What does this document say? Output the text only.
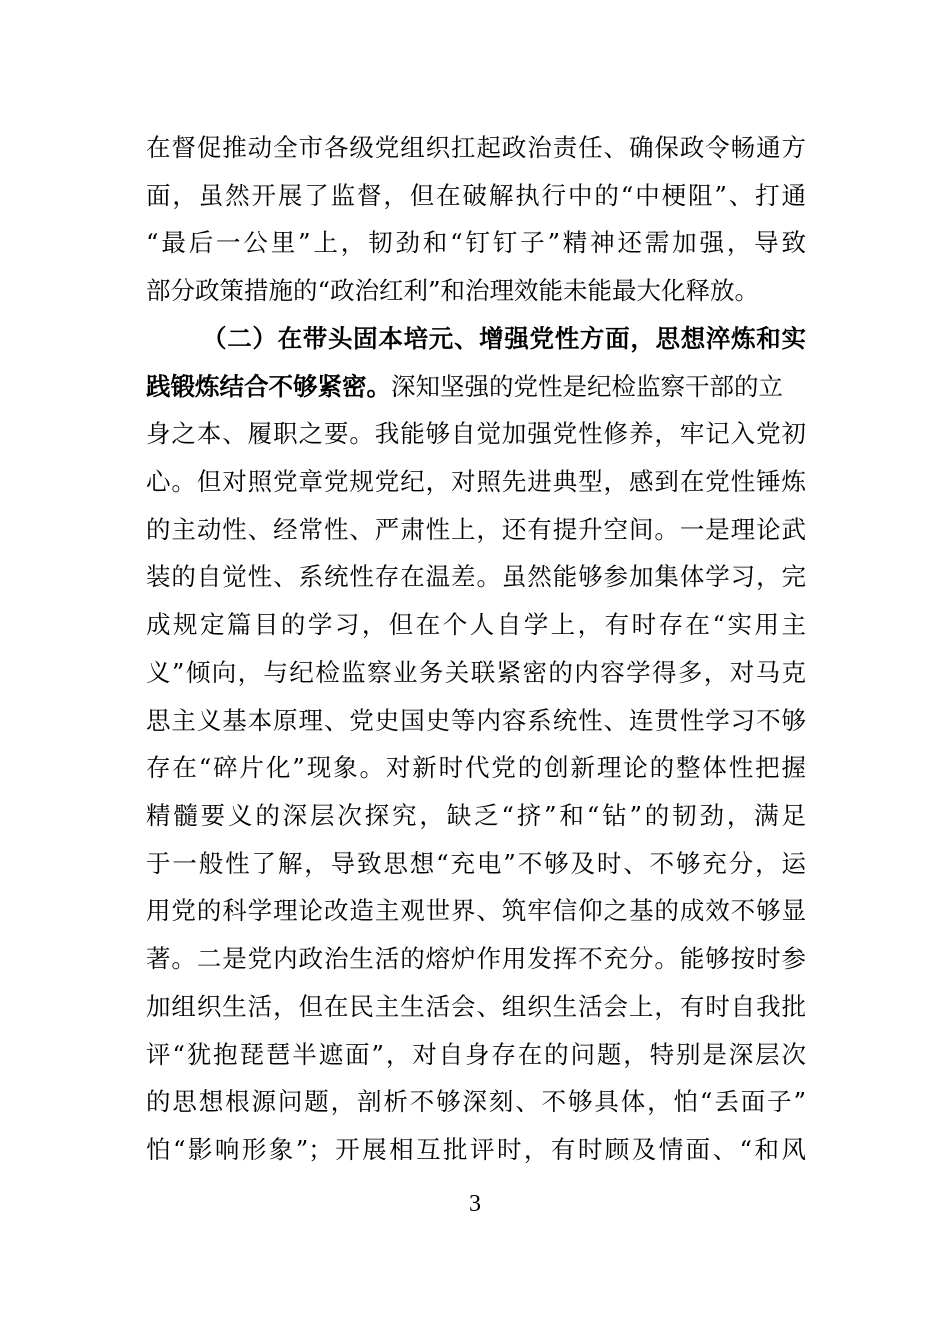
在督促推动全市各级党组织扛起政治责任、确保政令畅通方
面，虽然开展了监督，但在破解执行中的“中梗阻”、打通
“最后一公里”上，韧劲和“钉钉子”精神还需加强，导致
部分政策措施的“政治红利”和治理效能未能最大化释放。
（二）在带头固本培元、增强党性方面，思想淬炼和实
践锻炼结合不够紧密。深知坚强的党性是纪检监察干部的立
身之本、履职之要。我能够自觉加强党性修养，牢记入党初
心。但对照党章党规党纪，对照先进典型，感到在党性锤炼
的主动性、经常性、严肃性上，还有提升空间。一是理论武
装的自觉性、系统性存在温差。虽然能够参加集体学习，完
成规定篇目的学习，但在个人自学上，有时存在“实用主
义”倾向，与纪检监察业务关联紧密的内容学得多，对马克
思主义基本原理、党史国史等内容系统性、连贯性学习不够
存在“碎片化”现象。对新时代党的创新理论的整体性把握
精髓要义的深层次探究，缺乏“挤”和“钻”的韧劲，满足
于一般性了解，导致思想“充电”不够及时、不够充分，运
用党的科学理论改造主观世界、筑牢信仰之基的成效不够显
著。二是党内政治生活的熔炉作用发挥不充分。能够按时参
加组织生活，但在民主生活会、组织生活会上，有时自我批
评“犹抱琵琶半遮面”，对自身存在的问题，特别是深层次
的思想根源问题，剖析不够深刻、不够具体，怕“丢面子”
怕“影响形象”；开展相互批评时，有时顾及情面、“和风
3
